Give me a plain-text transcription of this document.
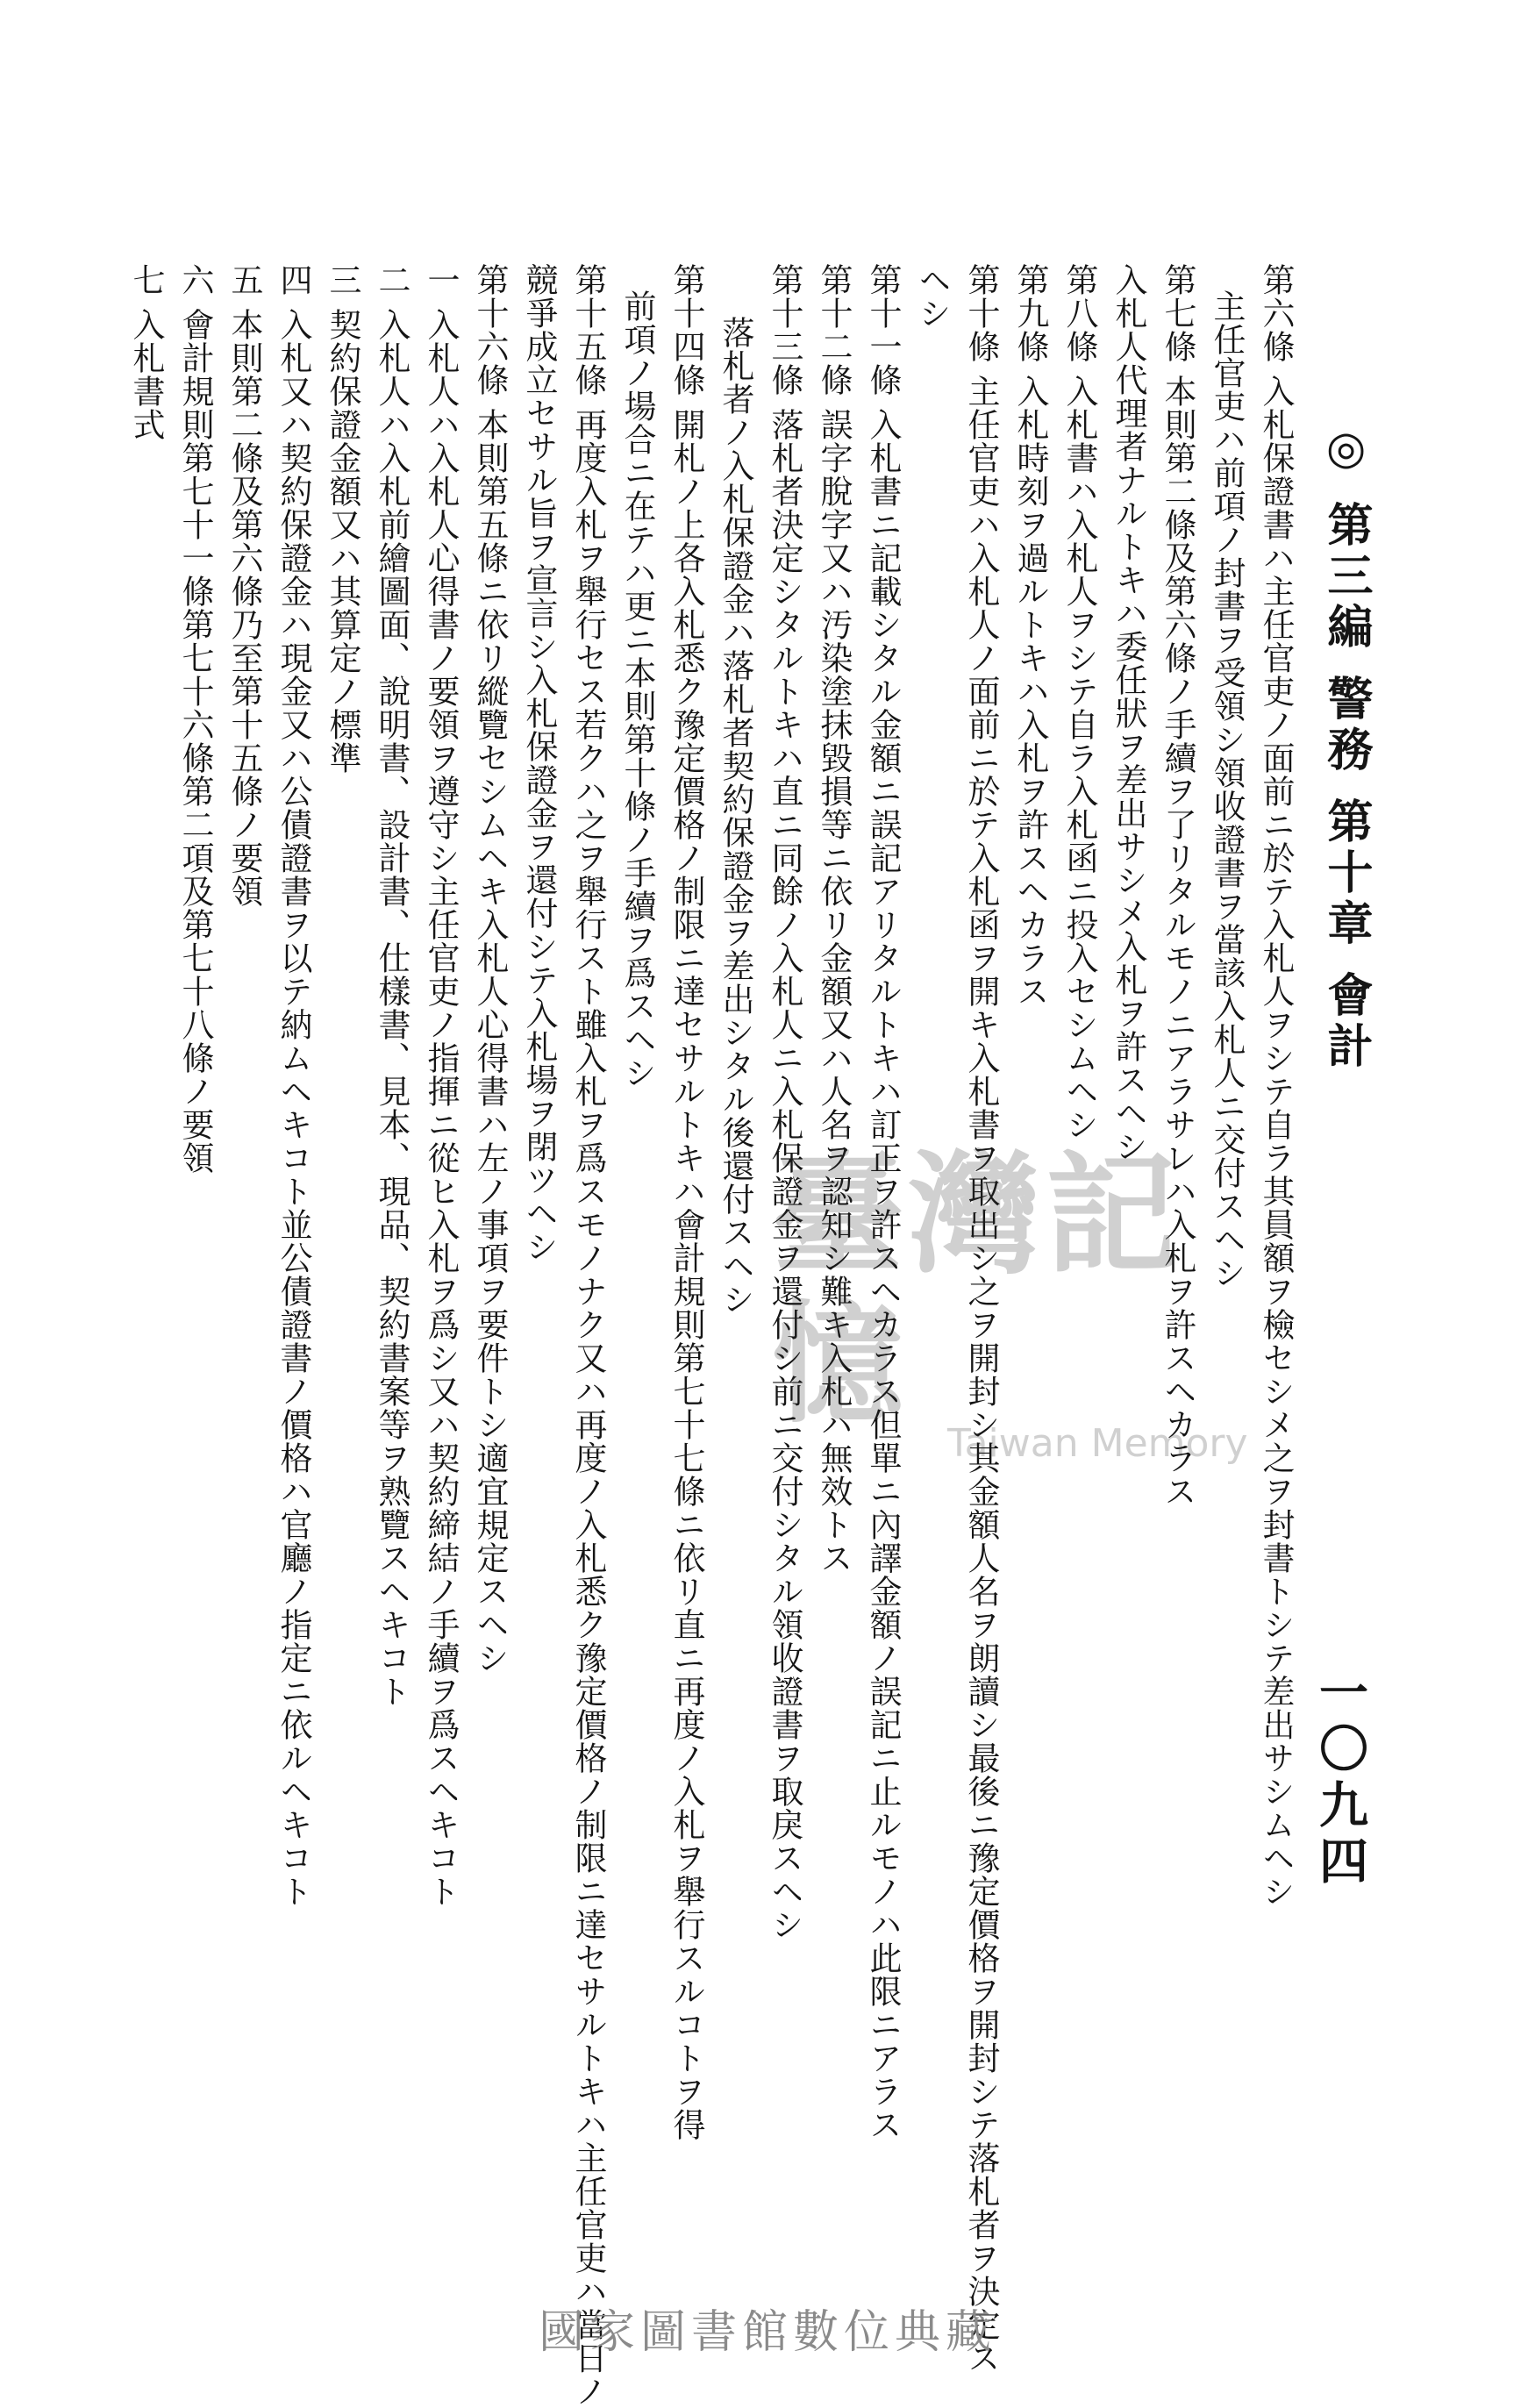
◎ 第三編 警務 第十章 會計
一〇九四
第六條 入札保證書ハ主任官吏ノ面前ニ於テ入札人ヲシテ自ラ其員額ヲ檢セシメ之ヲ封書トシテ差出サシムヘシ
主任官吏ハ前項ノ封書ヲ受領シ領收證書ヲ當該入札人ニ交付スヘシ
第七條 本則第二條及第六條ノ手續ヲ了リタルモノニアラサレハ入札ヲ許スヘカラス
入札人代理者ナルトキハ委任狀ヲ差出サシメ入札ヲ許スヘシ
第八條 入札書ハ入札人ヲシテ自ラ入札函ニ投入セシムヘシ
第九條 入札時刻ヲ過ルトキハ入札ヲ許スヘカラス
第十條 主任官吏ハ入札人ノ面前ニ於テ入札函ヲ開キ入札書ヲ取出シ之ヲ開封シ其金額人名ヲ朗讀シ最後ニ豫定價格ヲ開封シテ落札者ヲ決定ス
ヘシ
第十一條 入札書ニ記載シタル金額ニ誤記アリタルトキハ訂正ヲ許スヘカラス但單ニ內譯金額ノ誤記ニ止ルモノハ此限ニアラス
第十二條 誤字脫字又ハ汚染塗抹毀損等ニ依リ金額又ハ人名ヲ認知シ難キ入札ハ無效トス
第十三條 落札者決定シタルトキハ直ニ同餘ノ入札人ニ入札保證金ヲ還付シ前ニ交付シタル領收證書ヲ取戾スヘシ
落札者ノ入札保證金ハ落札者契約保證金ヲ差出シタル後還付スヘシ
第十四條 開札ノ上各入札悉ク豫定價格ノ制限ニ達セサルトキハ會計規則第七十七條ニ依リ直ニ再度ノ入札ヲ舉行スルコトヲ得
前項ノ場合ニ在テハ更ニ本則第十條ノ手續ヲ爲スヘシ
第十五條 再度入札ヲ舉行セス若クハ之ヲ舉行スト雖入札ヲ爲スモノナク又ハ再度ノ入札悉ク豫定價格ノ制限ニ達セサルトキハ主任官吏ハ當日ノ
競爭成立セサル旨ヲ宣言シ入札保證金ヲ還付シテ入札場ヲ閉ツヘシ
第十六條 本則第五條ニ依リ縱覽セシムヘキ入札人心得書ハ左ノ事項ヲ要件トシ適宜規定スヘシ
一 入札人ハ入札人心得書ノ要領ヲ遵守シ主任官吏ノ指揮ニ從ヒ入札ヲ爲シ又ハ契約締結ノ手續ヲ爲スヘキコト
二 入札人ハ入札前繪圖面、說明書、設計書、仕樣書、見本、現品、契約書案等ヲ熟覽スヘキコト
三 契約保證金額又ハ其算定ノ標準
四 入札又ハ契約保證金ハ現金又ハ公債證書ヲ以テ納ムヘキコト並公債證書ノ價格ハ官廳ノ指定ニ依ルヘキコト
五 本則第二條及第六條乃至第十五條ノ要領
六 會計規則第七十一條第七十六條第二項及第七十八條ノ要領
七 入札書式
臺灣記憶
Taiwan Memory
國家圖書館數位典藏
